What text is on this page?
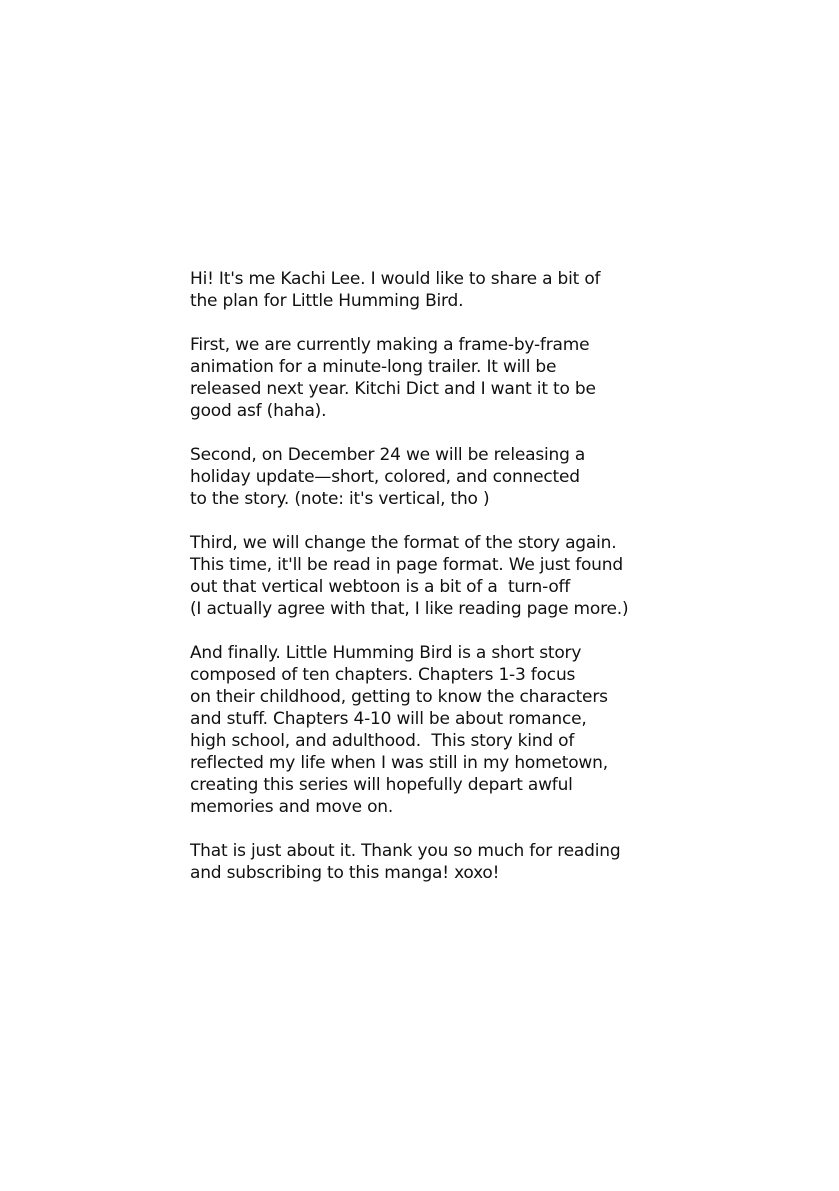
Hi! It's me Kachi Lee. I would like to share a bit of
the plan for Little Humming Bird.
First, we are currently making a frame-by-frame
animation for a minute-long trailer. It will be
released next year. Kitchi Dict and I want it to be
good asf (haha).
Second, on December 24 we will be releasing a
holiday update—short, colored, and connected
to the story. (note: it's vertical, tho )
Third, we will change the format of the story again.
This time, it'll be read in page format. We just found
out that vertical webtoon is a bit of a  turn-off
(I actually agree with that, I like reading page more.)
And finally. Little Humming Bird is a short story
composed of ten chapters. Chapters 1-3 focus
on their childhood, getting to know the characters
and stuff. Chapters 4-10 will be about romance,
high school, and adulthood.  This story kind of
reflected my life when I was still in my hometown,
creating this series will hopefully depart awful
memories and move on.
That is just about it. Thank you so much for reading
and subscribing to this manga! xoxo!
